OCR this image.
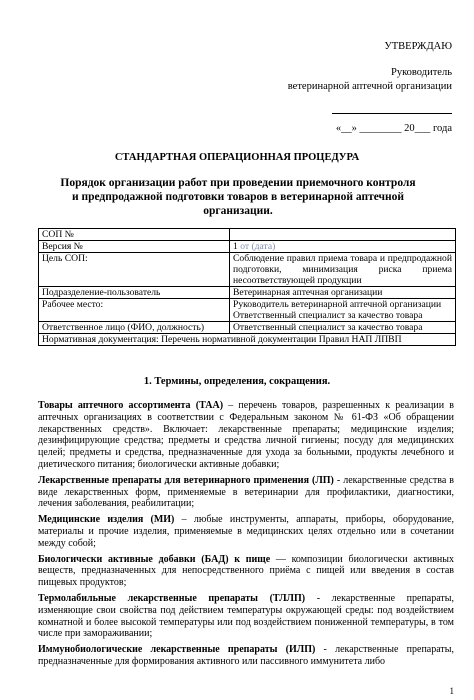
УТВЕРЖДАЮ
Руководитель
ветеринарной аптечной организации
«__» ________ 20___ года
СТАНДАРТНАЯ ОПЕРАЦИОННАЯ ПРОЦЕДУРА
Порядок организации работ при проведении приемочного контроля и предпродажной подготовки товаров в ветеринарной аптечной организации.
СОП №	
Версия №	1 от (дата)
Цель СОП:	Соблюдение правил приема товара и предпродажной подготовки, минимизация риска приема несоответствующей продукции
Подразделение-пользователь	Ветеринарная аптечная организации
Рабочее место:	Руководитель ветеринарной аптечной организации
Ответственный специалист за качество товара

Ответственное лицо (ФИО, должность)	Ответственный специалист за качество товара
Нормативная документация: Перечень нормативной документации Правил НАП ЛПВП	
1. Термины, определения, сокращения.

Товары аптечного ассортимента (ТАА) – перечень товаров, разрешенных к реализации в аптечных организациях в соответствии с Федеральным законом № 61-ФЗ «Об обращении лекарственных средств». Включает: лекарственные препараты; медицинские изделия; дезинфицирующие средства; предметы и средства личной гигиены; посуду для медицинских целей; предметы и средства, предназначенные для ухода за больными, продукты лечебного и диетического питания; биологически активные добавки;

Лекарственные препараты для ветеринарного применения (ЛП) - лекарственные средства в виде лекарственных форм, применяемые в ветеринарии для профилактики, диагностики, лечения заболевания, реабилитации;

Медицинские изделия (МИ) – любые инструменты, аппараты, приборы, оборудование, материалы и прочие изделия, применяемые в медицинских целях отдельно или в сочетании между собой;

Биологически активные добавки (БАД) к пище — композиции биологически активных веществ, предназначенных для непосредственного приёма с пищей или введения в состав пищевых продуктов;

Термолабильные лекарственные препараты (ТЛЛП) - лекарственные препараты, изменяющие свои свойства под действием температуры окружающей среды: под воздействием комнатной и более высокой температуры или под воздействием пониженной температуры, в том числе при замораживании;

Иммунобиологические лекарственные препараты (ИЛП) - лекарственные препараты, предназначенные для формирования активного или пассивного иммунитета либо

1
